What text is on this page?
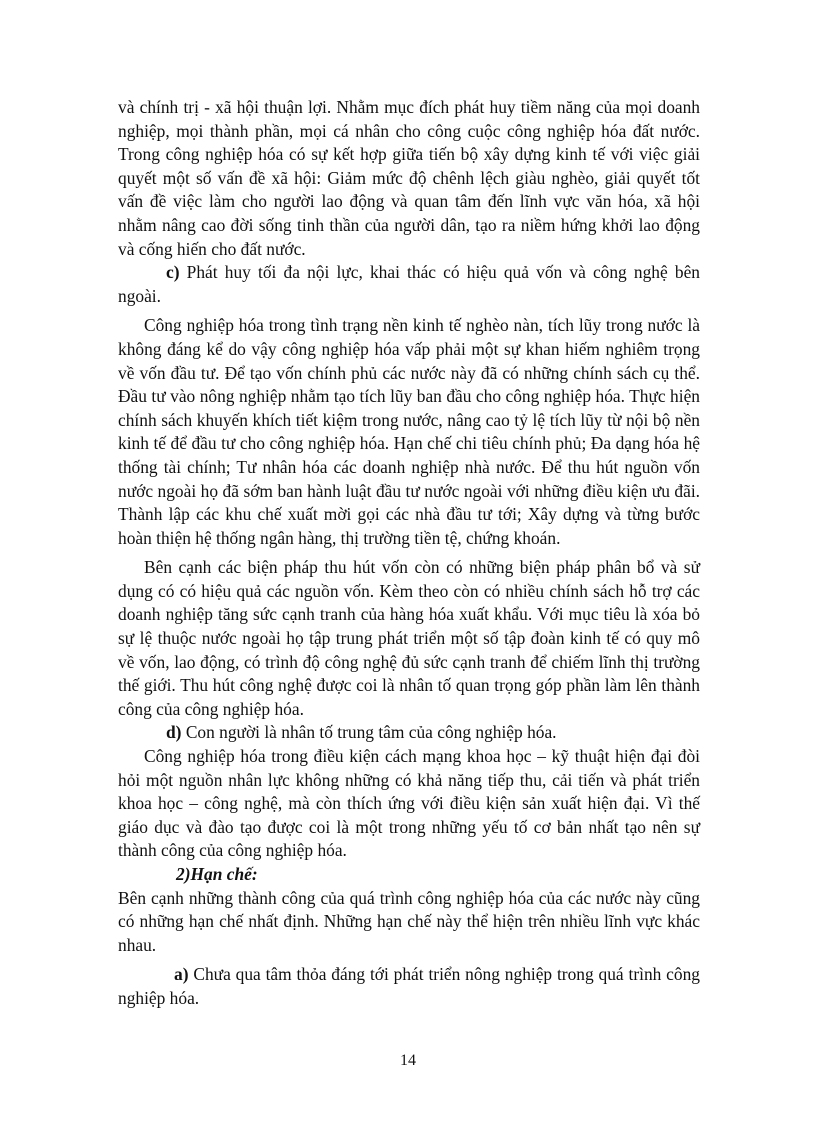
và chính trị - xã hội thuận lợi. Nhằm mục đích phát huy tiềm năng của mọi doanh nghiệp, mọi thành phần, mọi cá nhân cho công cuộc công nghiệp hóa đất nước. Trong công nghiệp hóa có sự kết hợp giữa tiến bộ xây dựng kinh tế với việc giải quyết một số vấn đề xã hội: Giảm mức độ chênh lệch giàu nghèo, giải quyết tốt vấn đề việc làm cho người lao động và quan tâm đến lĩnh vực văn hóa, xã hội nhằm nâng cao đời sống tinh thần của người dân, tạo ra niềm hứng khởi lao động và cống hiến cho đất nước.

c) Phát huy tối đa nội lực, khai thác có hiệu quả vốn và công nghệ bên ngoài.

Công nghiệp hóa trong tình trạng nền kinh tế nghèo nàn, tích lũy trong nước là không đáng kể do vậy công nghiệp hóa vấp phải một sự khan hiếm nghiêm trọng về vốn đầu tư. Để tạo vốn chính phủ các nước này đã có những chính sách cụ thể. Đầu tư vào nông nghiệp nhằm tạo tích lũy ban đầu cho công nghiệp hóa. Thực hiện chính sách khuyến khích tiết kiệm trong nước, nâng cao tỷ lệ tích lũy từ nội bộ nền kinh tế để đầu tư cho công nghiệp hóa. Hạn chế chi tiêu chính phủ; Đa dạng hóa hệ thống tài chính; Tư nhân hóa các doanh nghiệp nhà nước. Để thu hút nguồn vốn nước ngoài họ đã sớm ban hành luật đầu tư nước ngoài với những điều kiện ưu đãi. Thành lập các khu chế xuất mời gọi các nhà đầu tư tới; Xây dựng và từng bước hoàn thiện hệ thống ngân hàng, thị trường tiền tệ, chứng khoán.

Bên cạnh các biện pháp thu hút vốn còn có những biện pháp phân bổ và sử dụng có có hiệu quả các nguồn vốn. Kèm theo còn có nhiều chính sách hỗ trợ các doanh nghiệp tăng sức cạnh tranh của hàng hóa xuất khẩu. Với mục tiêu là xóa bỏ sự lệ thuộc nước ngoài họ tập trung phát triển một số tập đoàn kinh tế có quy mô về vốn, lao động, có trình độ công nghệ đủ sức cạnh tranh để chiếm lĩnh thị trường thế giới. Thu hút công nghệ được coi là nhân tố quan trọng góp phần làm lên thành công của công nghiệp hóa.

d) Con người là nhân tố trung tâm của công nghiệp hóa.

Công nghiệp hóa trong điều kiện cách mạng khoa học – kỹ thuật hiện đại đòi hỏi một nguồn nhân lực không những có khả năng tiếp thu, cải tiến và phát triển khoa học – công nghệ, mà còn thích ứng với điều kiện sản xuất hiện đại. Vì thế giáo dục và đào tạo được coi là một trong những yếu tố cơ bản nhất tạo nên sự thành công của công nghiệp hóa.

2)Hạn chế:

Bên cạnh những thành công của quá trình công nghiệp hóa của các nước này cũng có những hạn chế nhất định. Những hạn chế này thể hiện trên nhiều lĩnh vực khác nhau.

a) Chưa qua tâm thỏa đáng tới phát triển nông nghiệp trong quá trình công nghiệp hóa.

14
